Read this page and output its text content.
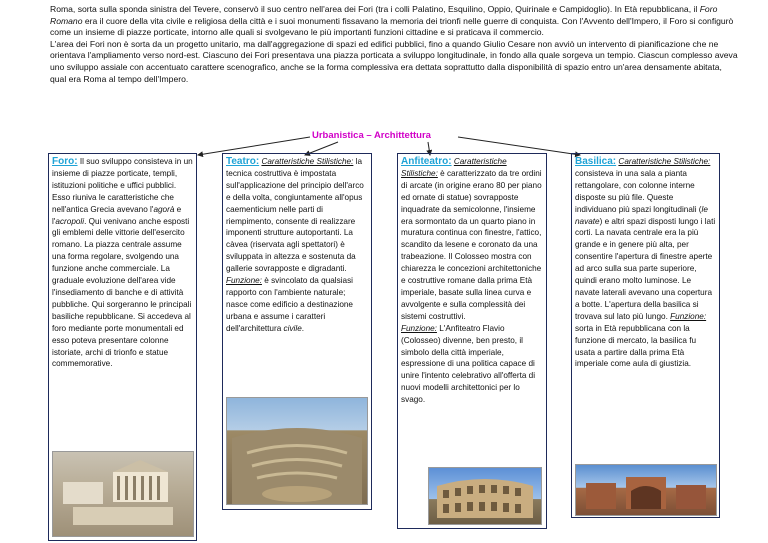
Roma, sorta sulla sponda sinistra del Tevere, conservò il suo centro nell'area dei Fori (tra i colli Palatino, Esquilino, Oppio, Quirinale e Campidoglio). In Età repubblicana, il Foro Romano era il cuore della vita civile e religiosa della città e i suoi monumenti fissavano la memoria dei trionfi nelle guerre di conquista. Con l'Avvento dell'Impero, il Foro si configurò come un insieme di piazze porticate, intorno alle quali si svolgevano le più importanti funzioni cittadine e si praticava il commercio.

L'area dei Fori non è sorta da un progetto unitario, ma dall'aggregazione di spazi ed edifici pubblici, fino a quando Giulio Cesare non avviò un intervento di pianificazione che ne orientava l'ampliamento verso nord-est. Ciascuno dei Fori presentava una piazza porticata a sviluppo longitudinale, in fondo alla quale sorgeva un tempio. Ciascun complesso aveva uno sviluppo assiale con accentuato carattere scenografico, anche se la forma complessiva era dettata soprattutto dalla disponibilità di spazio entro un'area densamente abitata, qual era Roma al tempo dell'Impero.

Urbanistica – Archittettura
Foro: Il suo sviluppo consisteva in un insieme di piazze porticate, templi, istituzioni politiche e uffici pubblici. Esso riuniva le caratteristiche che nell'antica Grecia avevano l'agorà e l'acropoli. Qui venivano anche esposti gli emblemi delle vittorie dell'esercito romano. La piazza centrale assume una forma regolare, svolgendo una funzione anche commerciale. La graduale evoluzione dell'area vide l'insediamento di banche e di attività pubbliche. Qui sorgeranno le principali basiliche repubblicane. Si accedeva al foro mediante porte monumentali ed esso poteva presentare colonne istoriate, archi di trionfo e statue commemorative.
Teatro: Caratteristiche Stilistiche: la tecnica costruttiva è impostata sull'applicazione del principio dell'arco e della volta, congiuntamente all'opus caementicium nelle parti di riempimento, consente di realizzare imponenti strutture autoportanti. La càvea (riservata agli spettatori) è sviluppata in altezza e sostenuta da gallerie sovrapposte e digradanti.
Funzione: è svincolato da qualsiasi rapporto con l'ambiente naturale; nasce come edificio a destinazione urbana e assume i caratteri dell'architettura civile.
Anfiteatro: Caratteristiche Stilistiche: è caratterizzato da tre ordini di arcate (in origine erano 80 per piano ed ornate di statue) sovrapposte inquadrate da semicolonne, l'insieme era sormontato da un quarto piano in muratura continua con finestre, l'attico, scandito da lesene e coronato da una trabeazione. Il Colosseo mostra con chiarezza le concezioni architettoniche e costruttive romane dalla prima Età imperiale, basate sulla linea curva e avvolgente e sulla complessità dei sistemi costruttivi.
Funzione: L'Anfiteatro Flavio (Colosseo) divenne, ben presto, il simbolo della città imperiale, espressione di una politica capace di unire l'intento celebrativo all'offerta di nuovi modelli architettonici per lo svago.
Basilica: Caratteristiche Stilistiche: consisteva in una sala a pianta rettangolare, con colonne interne disposte su più file. Queste individuano più spazi longitudinali (le navate) e altri spazi disposti lungo i lati corti. La navata centrale era la più grande e in genere più alta, per consentire l'apertura di finestre aperte ad arco sulla sua parte superiore, quindi erano molto luminose. Le navate laterali avevano una copertura a botte. L'apertura della basilica si trovava sul lato più lungo. Funzione: sorta in Età repubblicana con la funzione di mercato, la basilica fu usata a partire dalla prima Età imperiale come aula di giustizia.
